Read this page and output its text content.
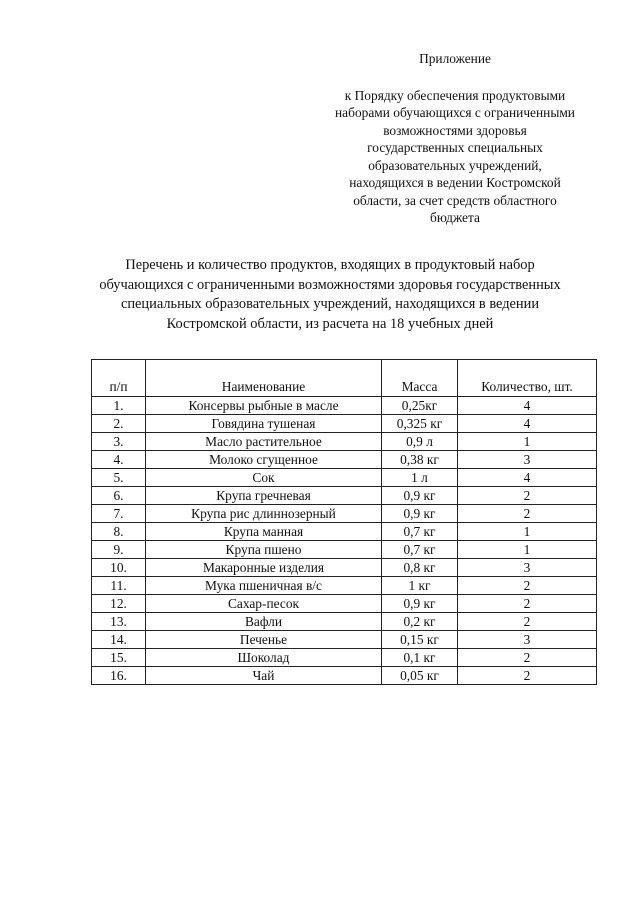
Приложение
к Порядку обеспечения продуктовыми
наборами обучающихся с ограниченными
возможностями здоровья
государственных специальных
образовательных учреждений,
находящихся в ведении Костромской
области, за счет средств областного
бюджета
Перечень и количество продуктов, входящих в продуктовый набор
обучающихся с ограниченными возможностями здоровья государственных
специальных образовательных учреждений, находящихся в ведении
Костромской области, из расчета на 18 учебных дней
п/п	Наименование	Масса	Количество, шт.
1.	Консервы рыбные в масле	0,25кг	4
2.	Говядина тушеная	0,325 кг	4
3.	Масло растительное	0,9 л	1
4.	Молоко сгущенное	0,38 кг	3
5.	Сок	1 л	4
6.	Крупа гречневая	0,9 кг	2
7.	Крупа рис длиннозерный	0,9 кг	2
8.	Крупа манная	0,7 кг	1
9.	Крупа пшено	0,7 кг	1
10.	Макаронные изделия	0,8 кг	3
11.	Мука пшеничная в/с	1 кг	2
12.	Сахар-песок	0,9 кг	2
13.	Вафли	0,2 кг	2
14.	Печенье	0,15 кг	3
15.	Шоколад	0,1 кг	2
16.	Чай	0,05 кг	2
